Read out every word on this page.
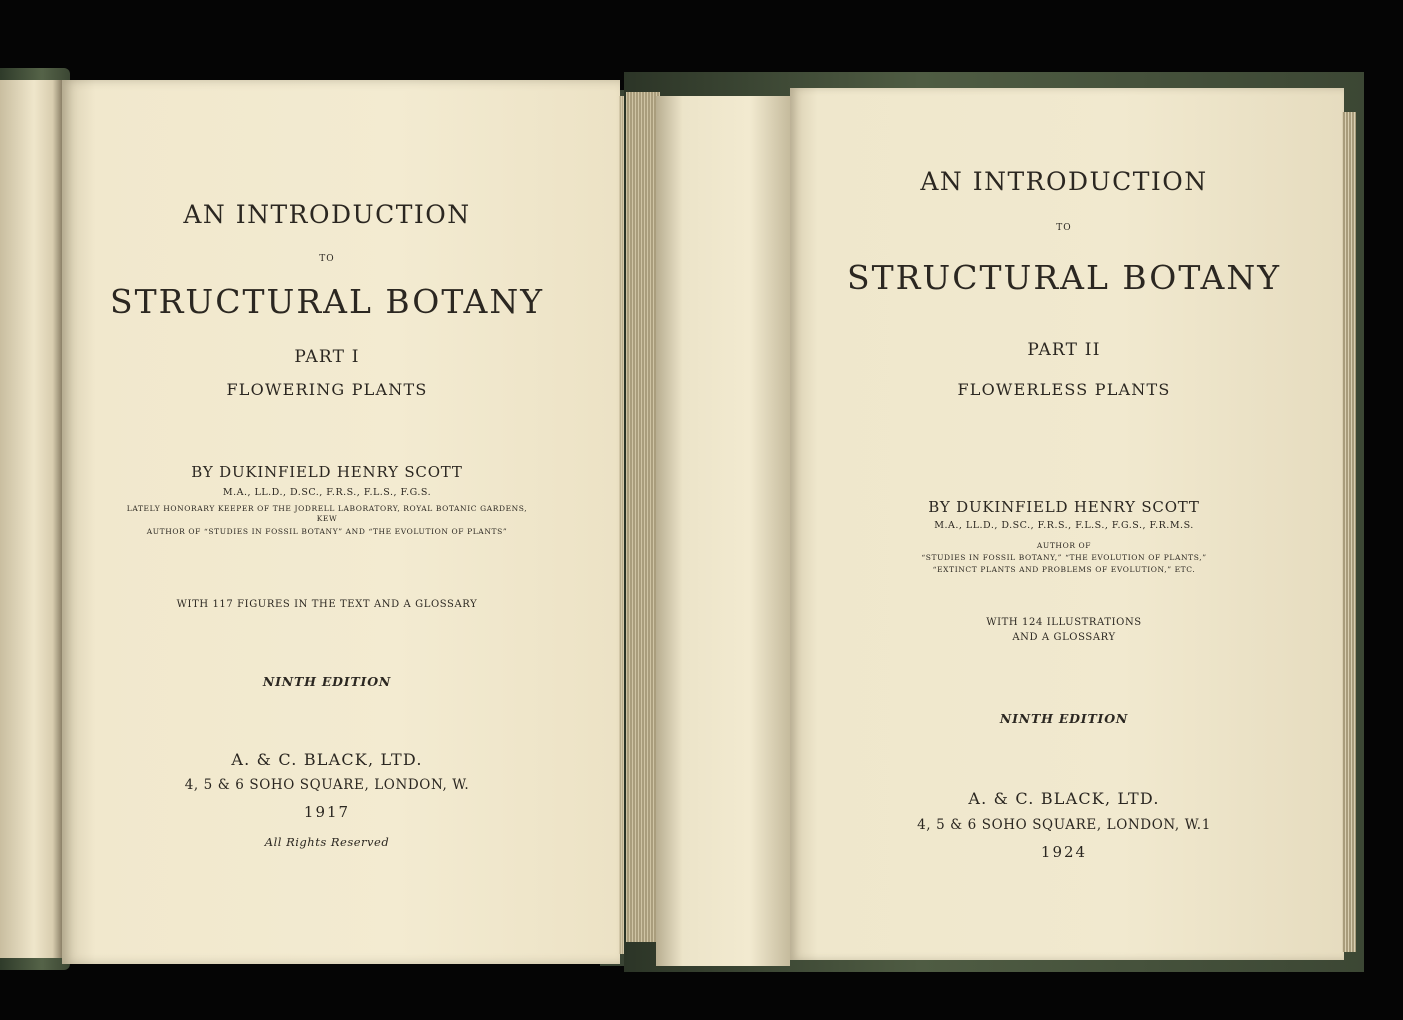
AN INTRODUCTION
TO
STRUCTURAL BOTANY
PART I
FLOWERING PLANTS
BY DUKINFIELD HENRY SCOTT
M.A., LL.D., D.SC., F.R.S., F.L.S., F.G.S.
LATELY HONORARY KEEPER OF THE JODRELL LABORATORY, ROYAL BOTANIC GARDENS,
KEW
AUTHOR OF “STUDIES IN FOSSIL BOTANY” AND “THE EVOLUTION OF PLANTS”
WITH 117 FIGURES IN THE TEXT AND A GLOSSARY
NINTH EDITION
A. & C. BLACK, LTD.
4, 5 & 6 SOHO SQUARE, LONDON, W.
1917
All Rights Reserved
AN INTRODUCTION
TO
STRUCTURAL BOTANY
PART II
FLOWERLESS PLANTS
BY DUKINFIELD HENRY SCOTT
M.A., LL.D., D.SC., F.R.S., F.L.S., F.G.S., F.R.M.S.
AUTHOR OF
“STUDIES IN FOSSIL BOTANY,” “THE EVOLUTION OF PLANTS,”
“EXTINCT PLANTS AND PROBLEMS OF EVOLUTION,” ETC.
WITH 124 ILLUSTRATIONS
AND A GLOSSARY
NINTH EDITION
A. & C. BLACK, LTD.
4, 5 & 6 SOHO SQUARE, LONDON, W.1
1924
